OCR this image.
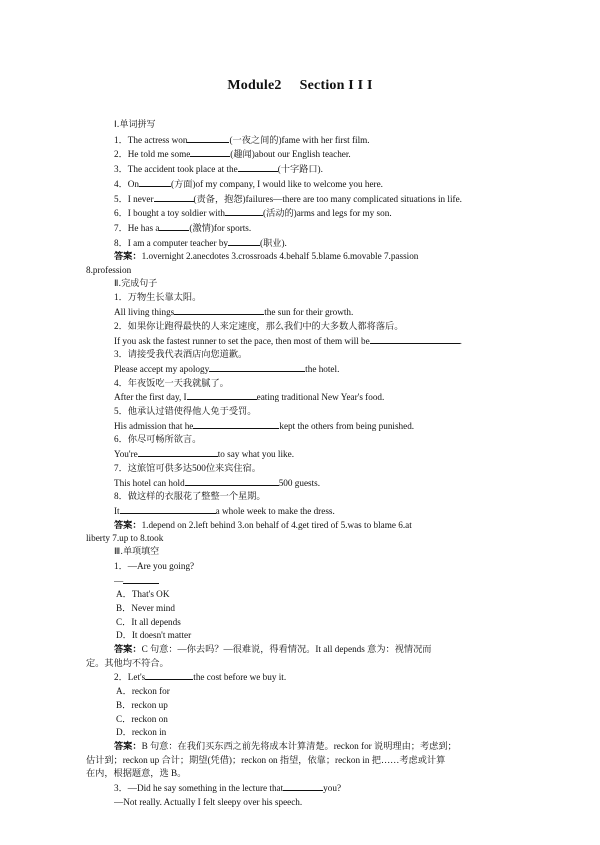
Module2 Section I I I
Ⅰ.单词拼写
1．The actress won	(一夜之间的)fame with her first film.
2．He told me some	(趣闻)about our English teacher.
3．The accident took place at the	(十字路口).
4．On	(方面)of my company, I would like to welcome you here.
5．I never	(责备，抱怨)failures—there are too many complicated situations in life.
6．I bought a toy soldier with	(活动的)arms and legs for my son.
7．He has a	(激情)for sports.
8．I am a computer teacher by	(职业).
答案：1.overnight 2.anecdotes 3.crossroads 4.behalf 5.blame 6.movable 7.passion
8.profession
Ⅱ.完成句子
1．万物生长靠太阳。
All living things	the sun for their growth.
2．如果你让跑得最快的人来定速度，那么我们中的大多数人都将落后。
If you ask the fastest runner to set the pace, then most of them will be	.
3．请接受我代表酒店向您道歉。
Please accept my apology	the hotel.
4．年夜饭吃一天我就腻了。
After the first day, I	eating traditional New Year's food.
5．他承认过错使得他人免于受罚。
His admission that he	kept the others from being punished.
6．你尽可畅所欲言。
You're	to say what you like.
7．这旅馆可供多达500位来宾住宿。
This hotel can hold	500 guests.
8．做这样的衣服花了整整一个星期。
It	a whole week to make the dress.
答案：1.depend on 2.left behind 3.on behalf of 4.get tired of 5.was to blame 6.at
liberty 7.up to 8.took
Ⅲ.单项填空
1．—Are you going?
—
A．That's OK
B．Never mind
C．It all depends
D．It doesn't matter
答案：C 句意：—你去吗？—很难说，得看情况。It all depends 意为：视情况而
定。其他均不符合。
2．Let's	the cost before we buy it.
A．reckon for
B．reckon up
C．reckon on
D．reckon in
答案：B 句意：在我们买东西之前先将成本计算清楚。reckon for 说明理由；考虑到；
估计到；reckon up 合计；期望(凭借)；reckon on 指望，依靠；reckon in 把……考虑或计算
在内，根据题意，选 B。
3．—Did he say something in the lecture that	you?
—Not really. Actually I felt sleepy over his speech.
